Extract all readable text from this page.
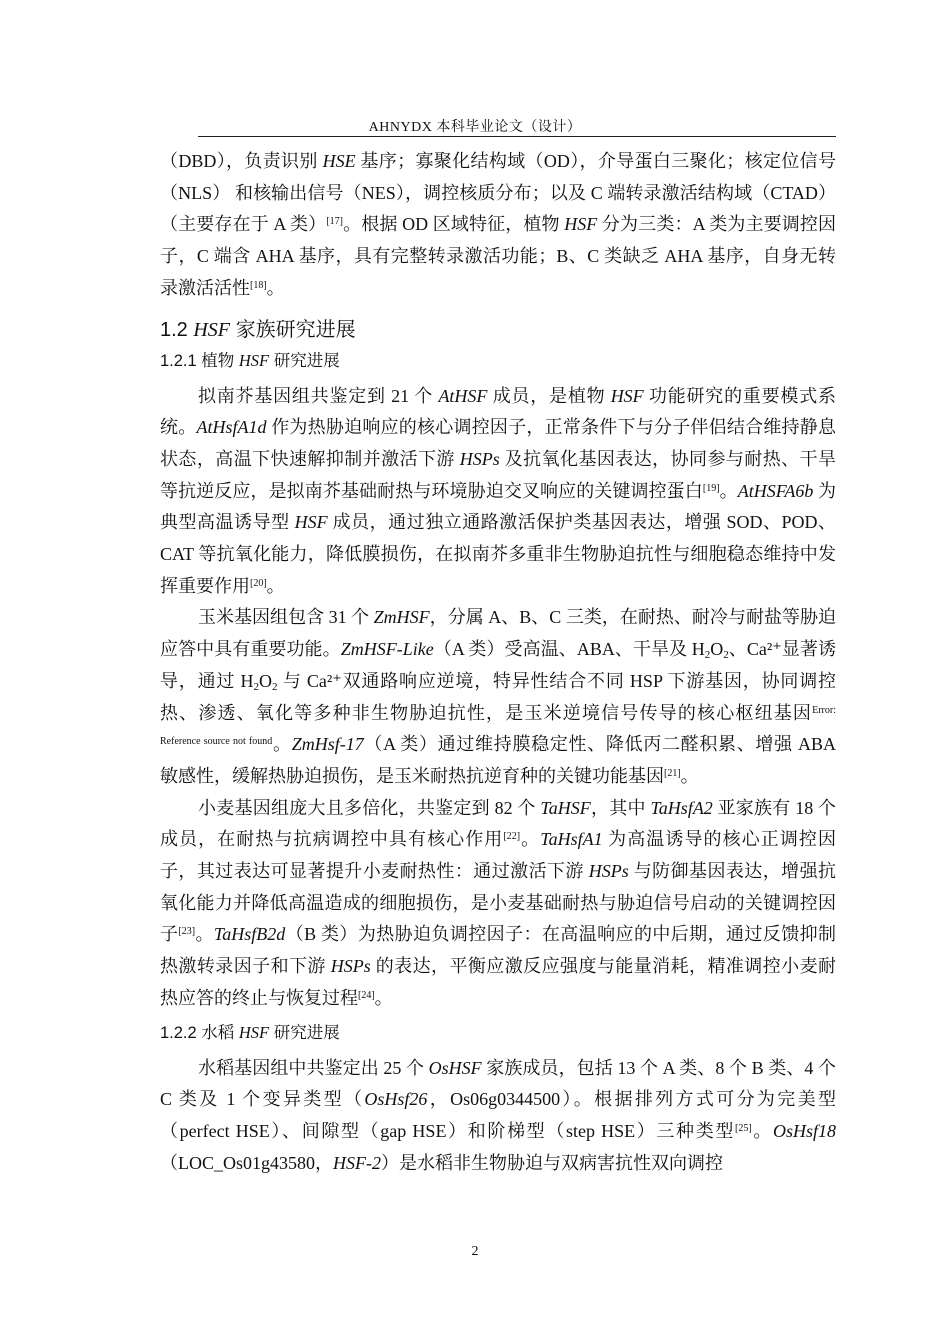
AHNYDX 本科毕业论文（设计）

（DBD），负责识别 HSE 基序；寡聚化结构域（OD），介导蛋白三聚化；核定位信号（NLS） 和核输出信号（NES），调控核质分布；以及 C 端转录激活结构域（CTAD）（主要存在于 A 类）[17]。根据 OD 区域特征，植物 HSF 分为三类：A 类为主要调控因子，C 端含 AHA 基序，具有完整转录激活功能；B、C 类缺乏 AHA 基序，自身无转录激活活性[18]。

1.2 HSF 家族研究进展
1.2.1 植物 HSF 研究进展

拟南芥基因组共鉴定到 21 个 AtHSF 成员，是植物 HSF 功能研究的重要模式系统。AtHsfA1d 作为热胁迫响应的核心调控因子，正常条件下与分子伴侣结合维持静息状态，高温下快速解抑制并激活下游 HSPs 及抗氧化基因表达，协同参与耐热、干旱等抗逆反应，是拟南芥基础耐热与环境胁迫交叉响应的关键调控蛋白[19]。AtHSFA6b 为典型高温诱导型 HSF 成员，通过独立通路激活保护类基因表达，增强 SOD、POD、CAT 等抗氧化能力，降低膜损伤，在拟南芥多重非生物胁迫抗性与细胞稳态维持中发挥重要作用[20]。

玉米基因组包含 31 个 ZmHSF，分属 A、B、C 三类，在耐热、耐冷与耐盐等胁迫应答中具有重要功能。ZmHSF-Like（A 类）受高温、ABA、干旱及 $H_2O_2$、Ca²⁺显著诱导，通过 $H_2O_2$ 与 Ca²⁺双通路响应逆境，特异性结合不同 HSP 下游基因，协同调控热、渗透、氧化等多种非生物胁迫抗性，是玉米逆境信号传导的核心枢纽基因$^{Error: Reference source not found}$。ZmHsf-17（A 类）通过维持膜稳定性、降低丙二醛积累、增强 ABA 敏感性，缓解热胁迫损伤，是玉米耐热抗逆育种的关键功能基因[21]。

小麦基因组庞大且多倍化，共鉴定到 82 个 TaHSF，其中 TaHsfA2 亚家族有 18 个成员，在耐热与抗病调控中具有核心作用[22]。TaHsfA1 为高温诱导的核心正调控因子，其过表达可显著提升小麦耐热性：通过激活下游 HSPs 与防御基因表达，增强抗氧化能力并降低高温造成的细胞损伤，是小麦基础耐热与胁迫信号启动的关键调控因子[23]。TaHsfB2d（B 类）为热胁迫负调控因子：在高温响应的中后期，通过反馈抑制热激转录因子和下游 HSPs 的表达，平衡应激反应强度与能量消耗，精准调控小麦耐热应答的终止与恢复过程[24]。

1.2.2 水稻 HSF 研究进展

水稻基因组中共鉴定出 25 个 OsHSF 家族成员，包括 13 个 A 类、8 个 B 类、4 个 C 类及 1 个变异类型（OsHsf26，Os06g0344500）。根据排列方式可分为完美型（perfect HSE）、间隙型（gap HSE）和阶梯型（step HSE）三种类型[25]。OsHsf18（LOC_Os01g43580，HSF-2）是水稻非生物胁迫与双病害抗性双向调控

2
